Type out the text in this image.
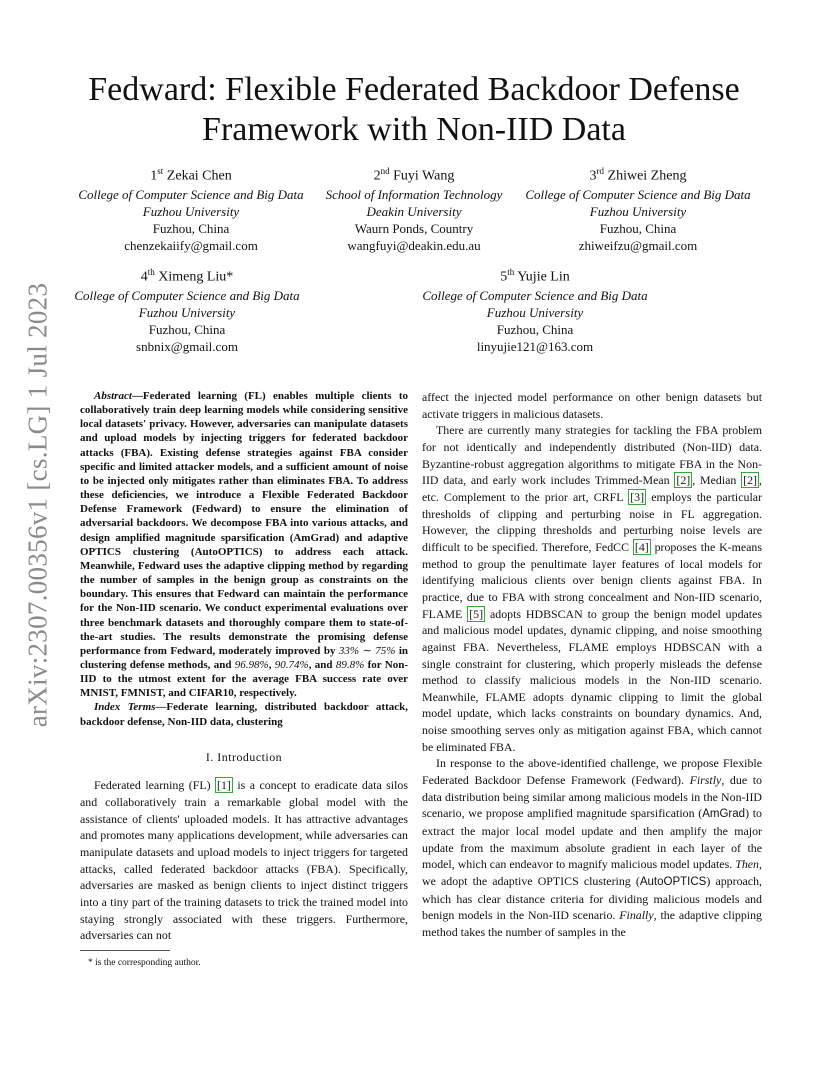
arXiv:2307.00356v1 [cs.LG] 1 Jul 2023
Fedward: Flexible Federated Backdoor Defense Framework with Non-IID Data
1st Zekai Chen
College of Computer Science and Big Data
Fuzhou University
Fuzhou, China
chenzekaiify@gmail.com
2nd Fuyi Wang
School of Information Technology
Deakin University
Waurn Ponds, Country
wangfuyi@deakin.edu.au
3rd Zhiwei Zheng
College of Computer Science and Big Data
Fuzhou University
Fuzhou, China
zhiweifzu@gmail.com
4th Ximeng Liu*
College of Computer Science and Big Data
Fuzhou University
Fuzhou, China
snbnix@gmail.com
5th Yujie Lin
College of Computer Science and Big Data
Fuzhou University
Fuzhou, China
linyujie121@163.com

Abstract—Federated learning (FL) enables multiple clients to collaboratively train deep learning models while considering sensitive local datasets' privacy. However, adversaries can manipulate datasets and upload models by injecting triggers for federated backdoor attacks (FBA). Existing defense strategies against FBA consider specific and limited attacker models, and a sufficient amount of noise to be injected only mitigates rather than eliminates FBA. To address these deficiencies, we introduce a Flexible Federated Backdoor Defense Framework (Fedward) to ensure the elimination of adversarial backdoors. We decompose FBA into various attacks, and design amplified magnitude sparsification (AmGrad) and adaptive OPTICS clustering (AutoOPTICS) to address each attack. Meanwhile, Fedward uses the adaptive clipping method by regarding the number of samples in the benign group as constraints on the boundary. This ensures that Fedward can maintain the performance for the Non-IID scenario. We conduct experimental evaluations over three benchmark datasets and thoroughly compare them to state-of-the-art studies. The results demonstrate the promising defense performance from Fedward, moderately improved by 33% ∼ 75% in clustering defense methods, and 96.98%, 90.74%, and 89.8% for Non-IID to the utmost extent for the average FBA success rate over MNIST, FMNIST, and CIFAR10, respectively.

Index Terms—Federate learning, distributed backdoor attack, backdoor defense, Non-IID data, clustering

I. Introduction

Federated learning (FL) [1] is a concept to eradicate data silos and collaboratively train a remarkable global model with the assistance of clients' uploaded models. It has attractive advantages and promotes many applications development, while adversaries can manipulate datasets and upload models to inject triggers for targeted attacks, called federated backdoor attacks (FBA). Specifically, adversaries are masked as benign clients to inject distinct triggers into a tiny part of the training datasets to trick the trained model into staying strongly associated with these triggers. Furthermore, adversaries can not

affect the injected model performance on other benign datasets but activate triggers in malicious datasets.

There are currently many strategies for tackling the FBA problem for not identically and independently distributed (Non-IID) data. Byzantine-robust aggregation algorithms to mitigate FBA in the Non-IID data, and early work includes Trimmed-Mean [2] , Median [2] , etc. Complement to the prior art, CRFL [3] employs the particular thresholds of clipping and perturbing noise in FL aggregation. However, the clipping thresholds and perturbing noise levels are difficult to be specified. Therefore, FedCC [4] proposes the K-means method to group the penultimate layer features of local models for identifying malicious clients over benign clients against FBA. In practice, due to FBA with strong concealment and Non-IID scenario, FLAME [5] adopts HDBSCAN to group the benign model updates and malicious model updates, dynamic clipping, and noise smoothing against FBA. Nevertheless, FLAME employs HDBSCAN with a single constraint for clustering, which properly misleads the defense method to classify malicious models in the Non-IID scenario. Meanwhile, FLAME adopts dynamic clipping to limit the global model update, which lacks constraints on boundary dynamics. And, noise smoothing serves only as mitigation against FBA, which cannot be eliminated FBA.

In response to the above-identified challenge, we propose Flexible Federated Backdoor Defense Framework (Fedward). Firstly, due to data distribution being similar among malicious models in the Non-IID scenario, we propose amplified magnitude sparsification (AmGrad) to extract the major local model update and then amplify the major update from the maximum absolute gradient in each layer of the model, which can endeavor to magnify malicious model updates. Then, we adopt the adaptive OPTICS clustering (AutoOPTICS) approach, which has clear distance criteria for dividing malicious models and benign models in the Non-IID scenario. Finally, the adaptive clipping method takes the number of samples in the

* is the corresponding author.
